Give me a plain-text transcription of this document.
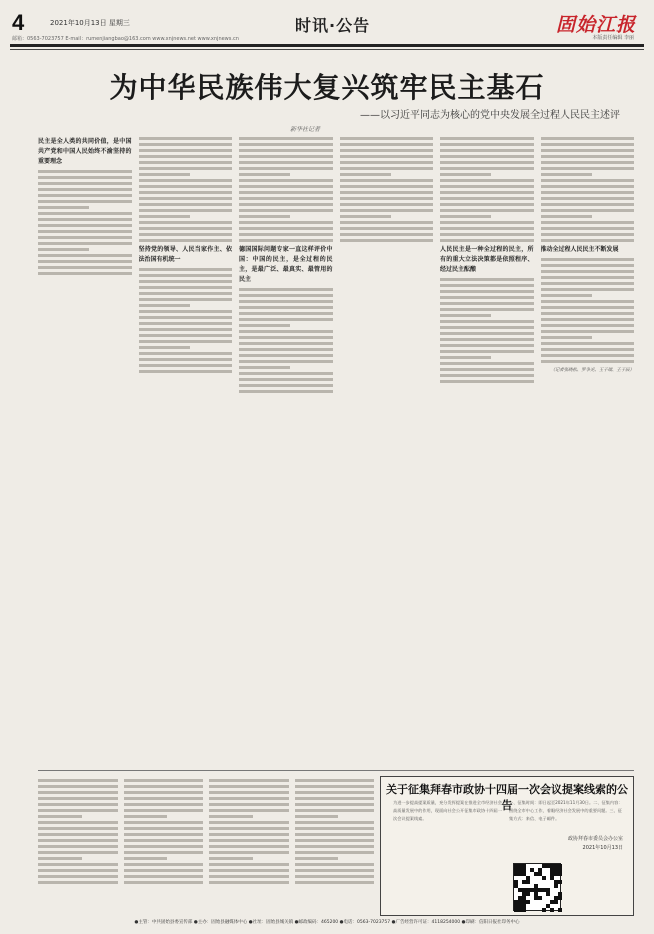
4	2021年10月13日 星期三	时讯·公告	固始江报
本版责任编辑 李丽
邮箱：0563-7023757 E-mail：rumenjiangbao@163.com www.xnjnews.net www.xnjnews.cn
为中华民族伟大复兴筑牢民主基石
——以习近平同志为核心的党中央发展全过程人民民主述评
新华社记者

民主是全人类的共同价值，是中国共产党和中国人民始终不渝坚持的重要理念

坚持党的领导、人民当家作主、依法治国有机统一

德国国际问题专家一直这样评价中国：中国的民主，是全过程的民主，是最广泛、最真实、最管用的民主

人民民主是一种全过程的民主，所有的重大立法决策都是依照程序、经过民主酝酿

推动全过程人民民主不断发展

（记者张晓松、罗争光、王子瑞、王子辰）

关于征集拜春市政协十四届一次会议提案线索的公告
为进一步提高提案质量，充分发挥提案在推进全市经济社会高质量发展中的作用，现面向社会公开征集市政协十四届一次会议提案线索。
一、征集时间：即日起至2021年11月30日。二、征集内容：围绕全市中心工作，着眼经济社会发展中的重要问题。三、征集方式：来信、电子邮件。
政协拜春市委员会办公室
2021年10月13日
●主管：中共固始县委宣传部 ●主办：固始县融媒体中心 ●社址：固始县城关镇 ●邮政编码：465200 ●电话：0563-7023757 ●广告经营许可证：4118254000 ●印刷：信阳日报社印务中心
